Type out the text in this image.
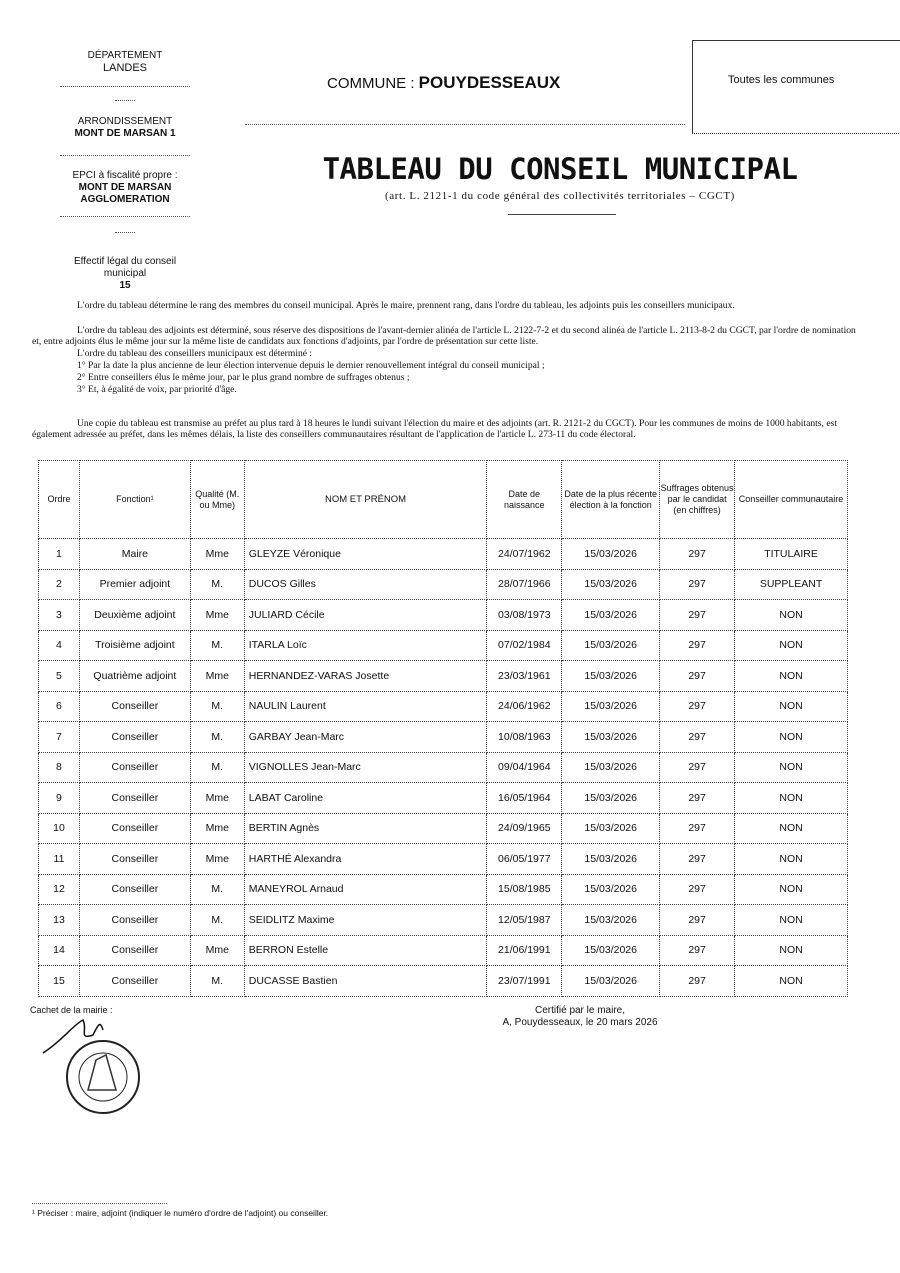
DÉPARTEMENT
LANDES
ARRONDISSEMENT
MONT DE MARSAN 1
EPCI à fiscalité propre :
MONT DE MARSAN
AGGLOMERATION
Effectif légal du conseil municipal
15
COMMUNE : POUYDESSEAUX	Toutes les communes
TABLEAU DU CONSEIL MUNICIPAL
(art. L. 2121-1 du code général des collectivités territoriales – CGCT)
L'ordre du tableau détermine le rang des membres du conseil municipal. Après le maire, prennent rang, dans l'ordre du tableau, les adjoints puis les conseillers municipaux.
L'ordre du tableau des adjoints est déterminé, sous réserve des dispositions de l'avant-dernier alinéa de l'article L. 2122-7-2 et du second alinéa de l'article L. 2113-8-2 du CGCT, par l'ordre de nomination et, entre adjoints élus le même jour sur la même liste de candidats aux fonctions d'adjoints, par l'ordre de présentation sur cette liste.
L'ordre du tableau des conseillers municipaux est déterminé :
1° Par la date la plus ancienne de leur élection intervenue depuis le dernier renouvellement intégral du conseil municipal ;
2° Entre conseillers élus le même jour, par le plus grand nombre de suffrages obtenus ;
3° Et, à égalité de voix, par priorité d'âge.
Une copie du tableau est transmise au préfet au plus tard à 18 heures le lundi suivant l'élection du maire et des adjoints (art. R. 2121-2 du CGCT). Pour les communes de moins de 1000 habitants, est également adressée au préfet, dans les mêmes délais, la liste des conseillers communautaires résultant de l'application de l'article L. 273-11 du code électoral.
Ordre	Fonction¹	Qualité (M. ou Mme)	NOM ET PRÉNOM	Date de naissance	Date de la plus récente élection à la fonction	Suffrages obtenus par le candidat (en chiffres)	Conseiller communautaire
1	Maire	Mme	GLEYZE Véronique	24/07/1962	15/03/2026	297	TITULAIRE
2	Premier adjoint	M.	DUCOS Gilles	28/07/1966	15/03/2026	297	SUPPLEANT
3	Deuxième adjoint	Mme	JULIARD Cécile	03/08/1973	15/03/2026	297	NON
4	Troisième adjoint	M.	ITARLA Loïc	07/02/1984	15/03/2026	297	NON
5	Quatrième adjoint	Mme	HERNANDEZ-VARAS Josette	23/03/1961	15/03/2026	297	NON
6	Conseiller	M.	NAULIN Laurent	24/06/1962	15/03/2026	297	NON
7	Conseiller	M.	GARBAY Jean-Marc	10/08/1963	15/03/2026	297	NON
8	Conseiller	M.	VIGNOLLES Jean-Marc	09/04/1964	15/03/2026	297	NON
9	Conseiller	Mme	LABAT Caroline	16/05/1964	15/03/2026	297	NON
10	Conseiller	Mme	BERTIN Agnès	24/09/1965	15/03/2026	297	NON
11	Conseiller	Mme	HARTHÉ Alexandra	06/05/1977	15/03/2026	297	NON
12	Conseiller	M.	MANEYROL Arnaud	15/08/1985	15/03/2026	297	NON
13	Conseiller	M.	SEIDLITZ Maxime	12/05/1987	15/03/2026	297	NON
14	Conseiller	Mme	BERRON Estelle	21/06/1991	15/03/2026	297	NON
15	Conseiller	M.	DUCASSE Bastien	23/07/1991	15/03/2026	297	NON
Cachet de la mairie :	Certifié par le maire,
A, Pouydesseaux, le 20 mars 2026
¹ Préciser : maire, adjoint (indiquer le numéro d'ordre de l'adjoint) ou conseiller.
